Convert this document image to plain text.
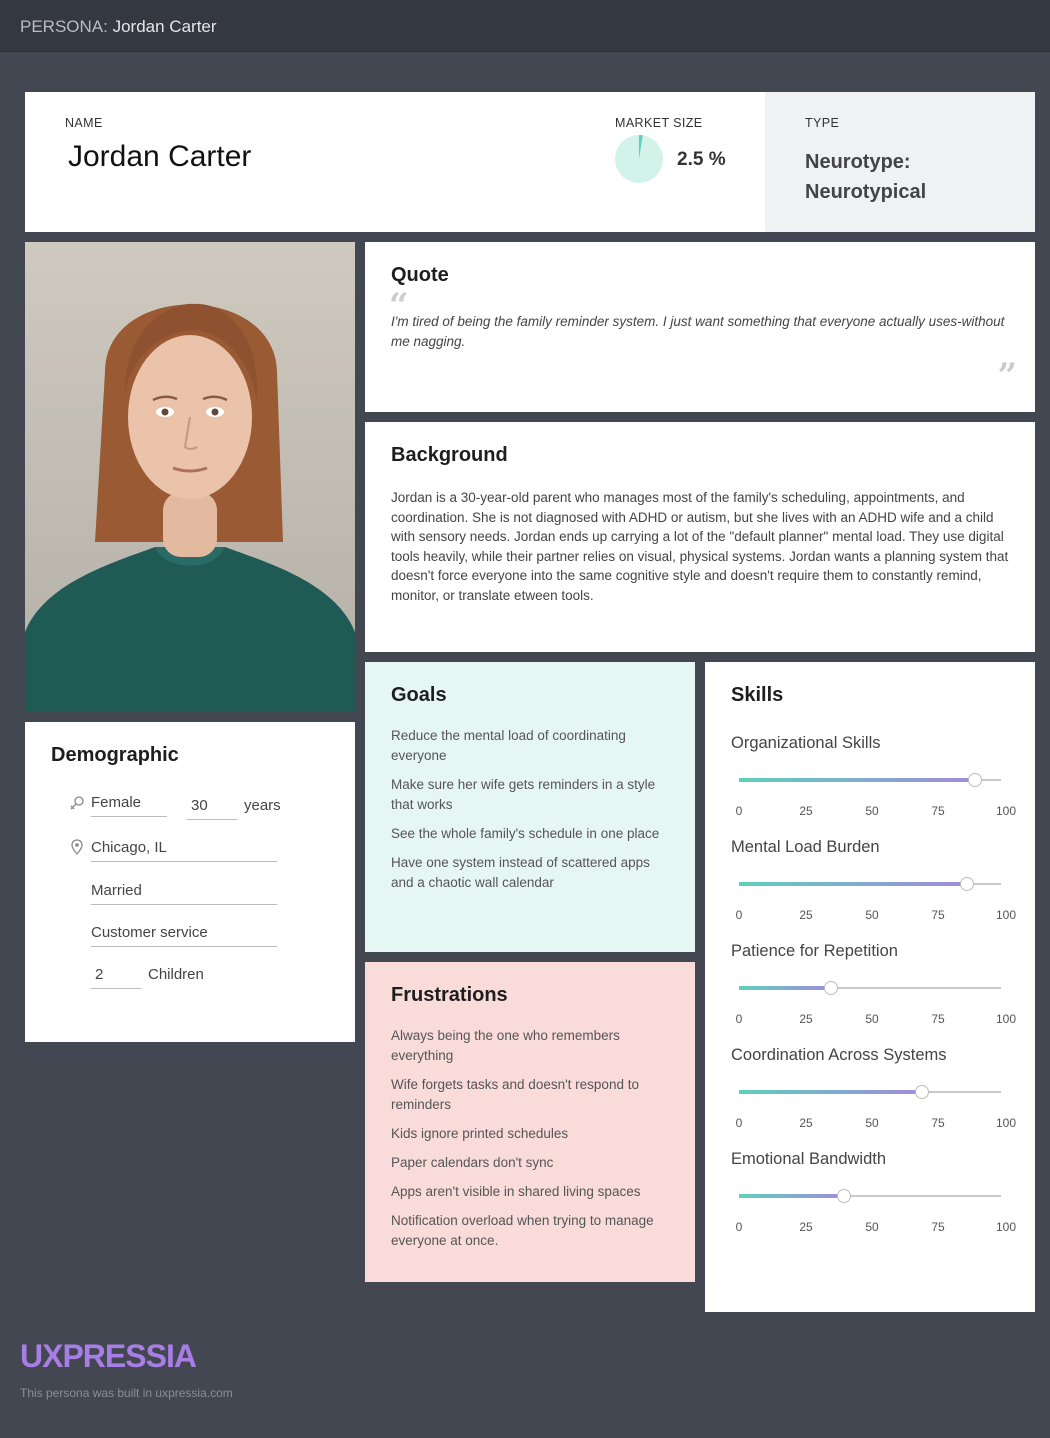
PERSONA: Jordan Carter
NAME
Jordan Carter
MARKET SIZE
2.5 %
TYPE
Neurotype: Neurotypical
Demographic
Female	30	years
Chicago, IL
Married
Customer service
2	Children
Quote
“
I'm tired of being the family reminder system. I just want something that everyone actually uses-without me nagging.
”
Background
Jordan is a 30-year-old parent who manages most of the family's scheduling, appointments, and coordination. She is not diagnosed with ADHD or autism, but she lives with an ADHD wife and a child with sensory needs. Jordan ends up carrying a lot of the "default planner" mental load. They use digital tools heavily, while their partner relies on visual, physical systems. Jordan wants a planning system that doesn't force everyone into the same cognitive style and doesn't require them to constantly remind, monitor, or translate etween tools.
Goals
Reduce the mental load of coordinating everyone
Make sure her wife gets reminders in a style that works
See the whole family's schedule in one place
Have one system instead of scattered apps and a chaotic wall calendar
Frustrations
Always being the one who remembers everything
Wife forgets tasks and doesn't respond to reminders
Kids ignore printed schedules
Paper calendars don't sync
Apps aren't visible in shared living spaces
Notification overload when trying to manage everyone at once.
Skills
Organizational Skills
0	25	50	75	100
Mental Load Burden
0	25	50	75	100
Patience for Repetition
0	25	50	75	100
Coordination Across Systems
0	25	50	75	100
Emotional Bandwidth
0	25	50	75	100
UXPRESSIA
This persona was built in uxpressia.com
